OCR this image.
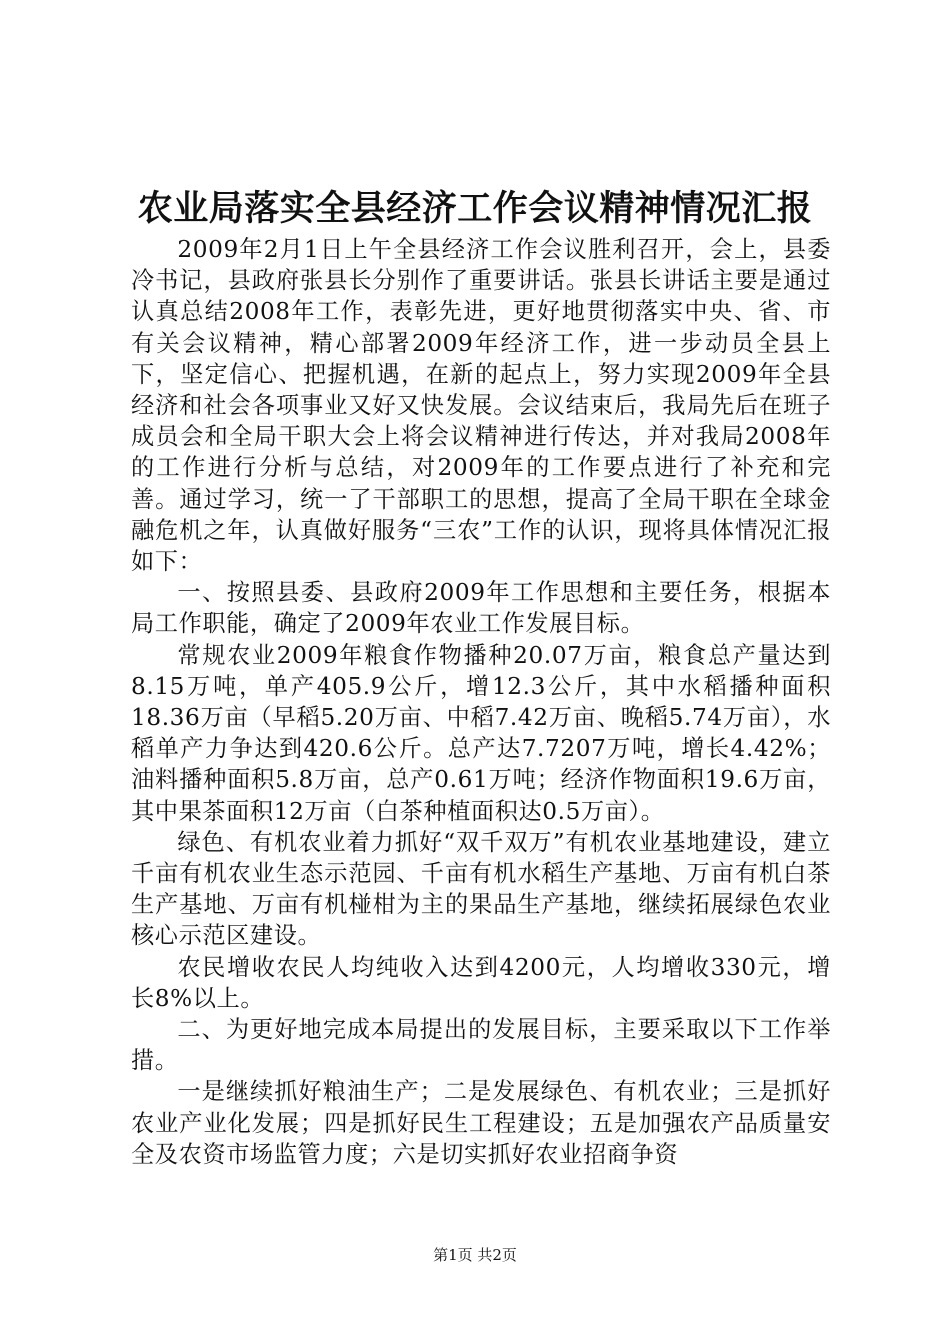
农业局落实全县经济工作会议精神情况汇报

2009年2月1日上午全县经济工作会议胜利召开，会上，县委冷书记，县政府张县长分别作了重要讲话。张县长讲话主要是通过认真总结2008年工作，表彰先进，更好地贯彻落实中央、省、市有关会议精神，精心部署2009年经济工作，进一步动员全县上下，坚定信心、把握机遇，在新的起点上，努力实现2009年全县经济和社会各项事业又好又快发展。会议结束后，我局先后在班子成员会和全局干职大会上将会议精神进行传达，并对我局2008年的工作进行分析与总结，对2009年的工作要点进行了补充和完善。通过学习，统一了干部职工的思想，提高了全局干职在全球金融危机之年，认真做好服务“三农”工作的认识，现将具体情况汇报如下：

一、按照县委、县政府2009年工作思想和主要任务，根据本局工作职能，确定了2009年农业工作发展目标。

常规农业2009年粮食作物播种20.07万亩，粮食总产量达到8.15万吨，单产405.9公斤，增12.3公斤，其中水稻播种面积18.36万亩（早稻5.20万亩、中稻7.42万亩、晚稻5.74万亩），水稻单产力争达到420.6公斤。总产达7.7207万吨，增长4.42%；油料播种面积5.8万亩，总产0.61万吨；经济作物面积19.6万亩，其中果茶面积12万亩（白茶种植面积达0.5万亩）。

绿色、有机农业着力抓好“双千双万”有机农业基地建设，建立千亩有机农业生态示范园、千亩有机水稻生产基地、万亩有机白茶生产基地、万亩有机椪柑为主的果品生产基地，继续拓展绿色农业核心示范区建设。

农民增收农民人均纯收入达到4200元，人均增收330元，增长8%以上。

二、为更好地完成本局提出的发展目标，主要采取以下工作举措。

一是继续抓好粮油生产；二是发展绿色、有机农业；三是抓好农业产业化发展；四是抓好民生工程建设；五是加强农产品质量安全及农资市场监管力度；六是切实抓好农业招商争资

第1页 共2页
